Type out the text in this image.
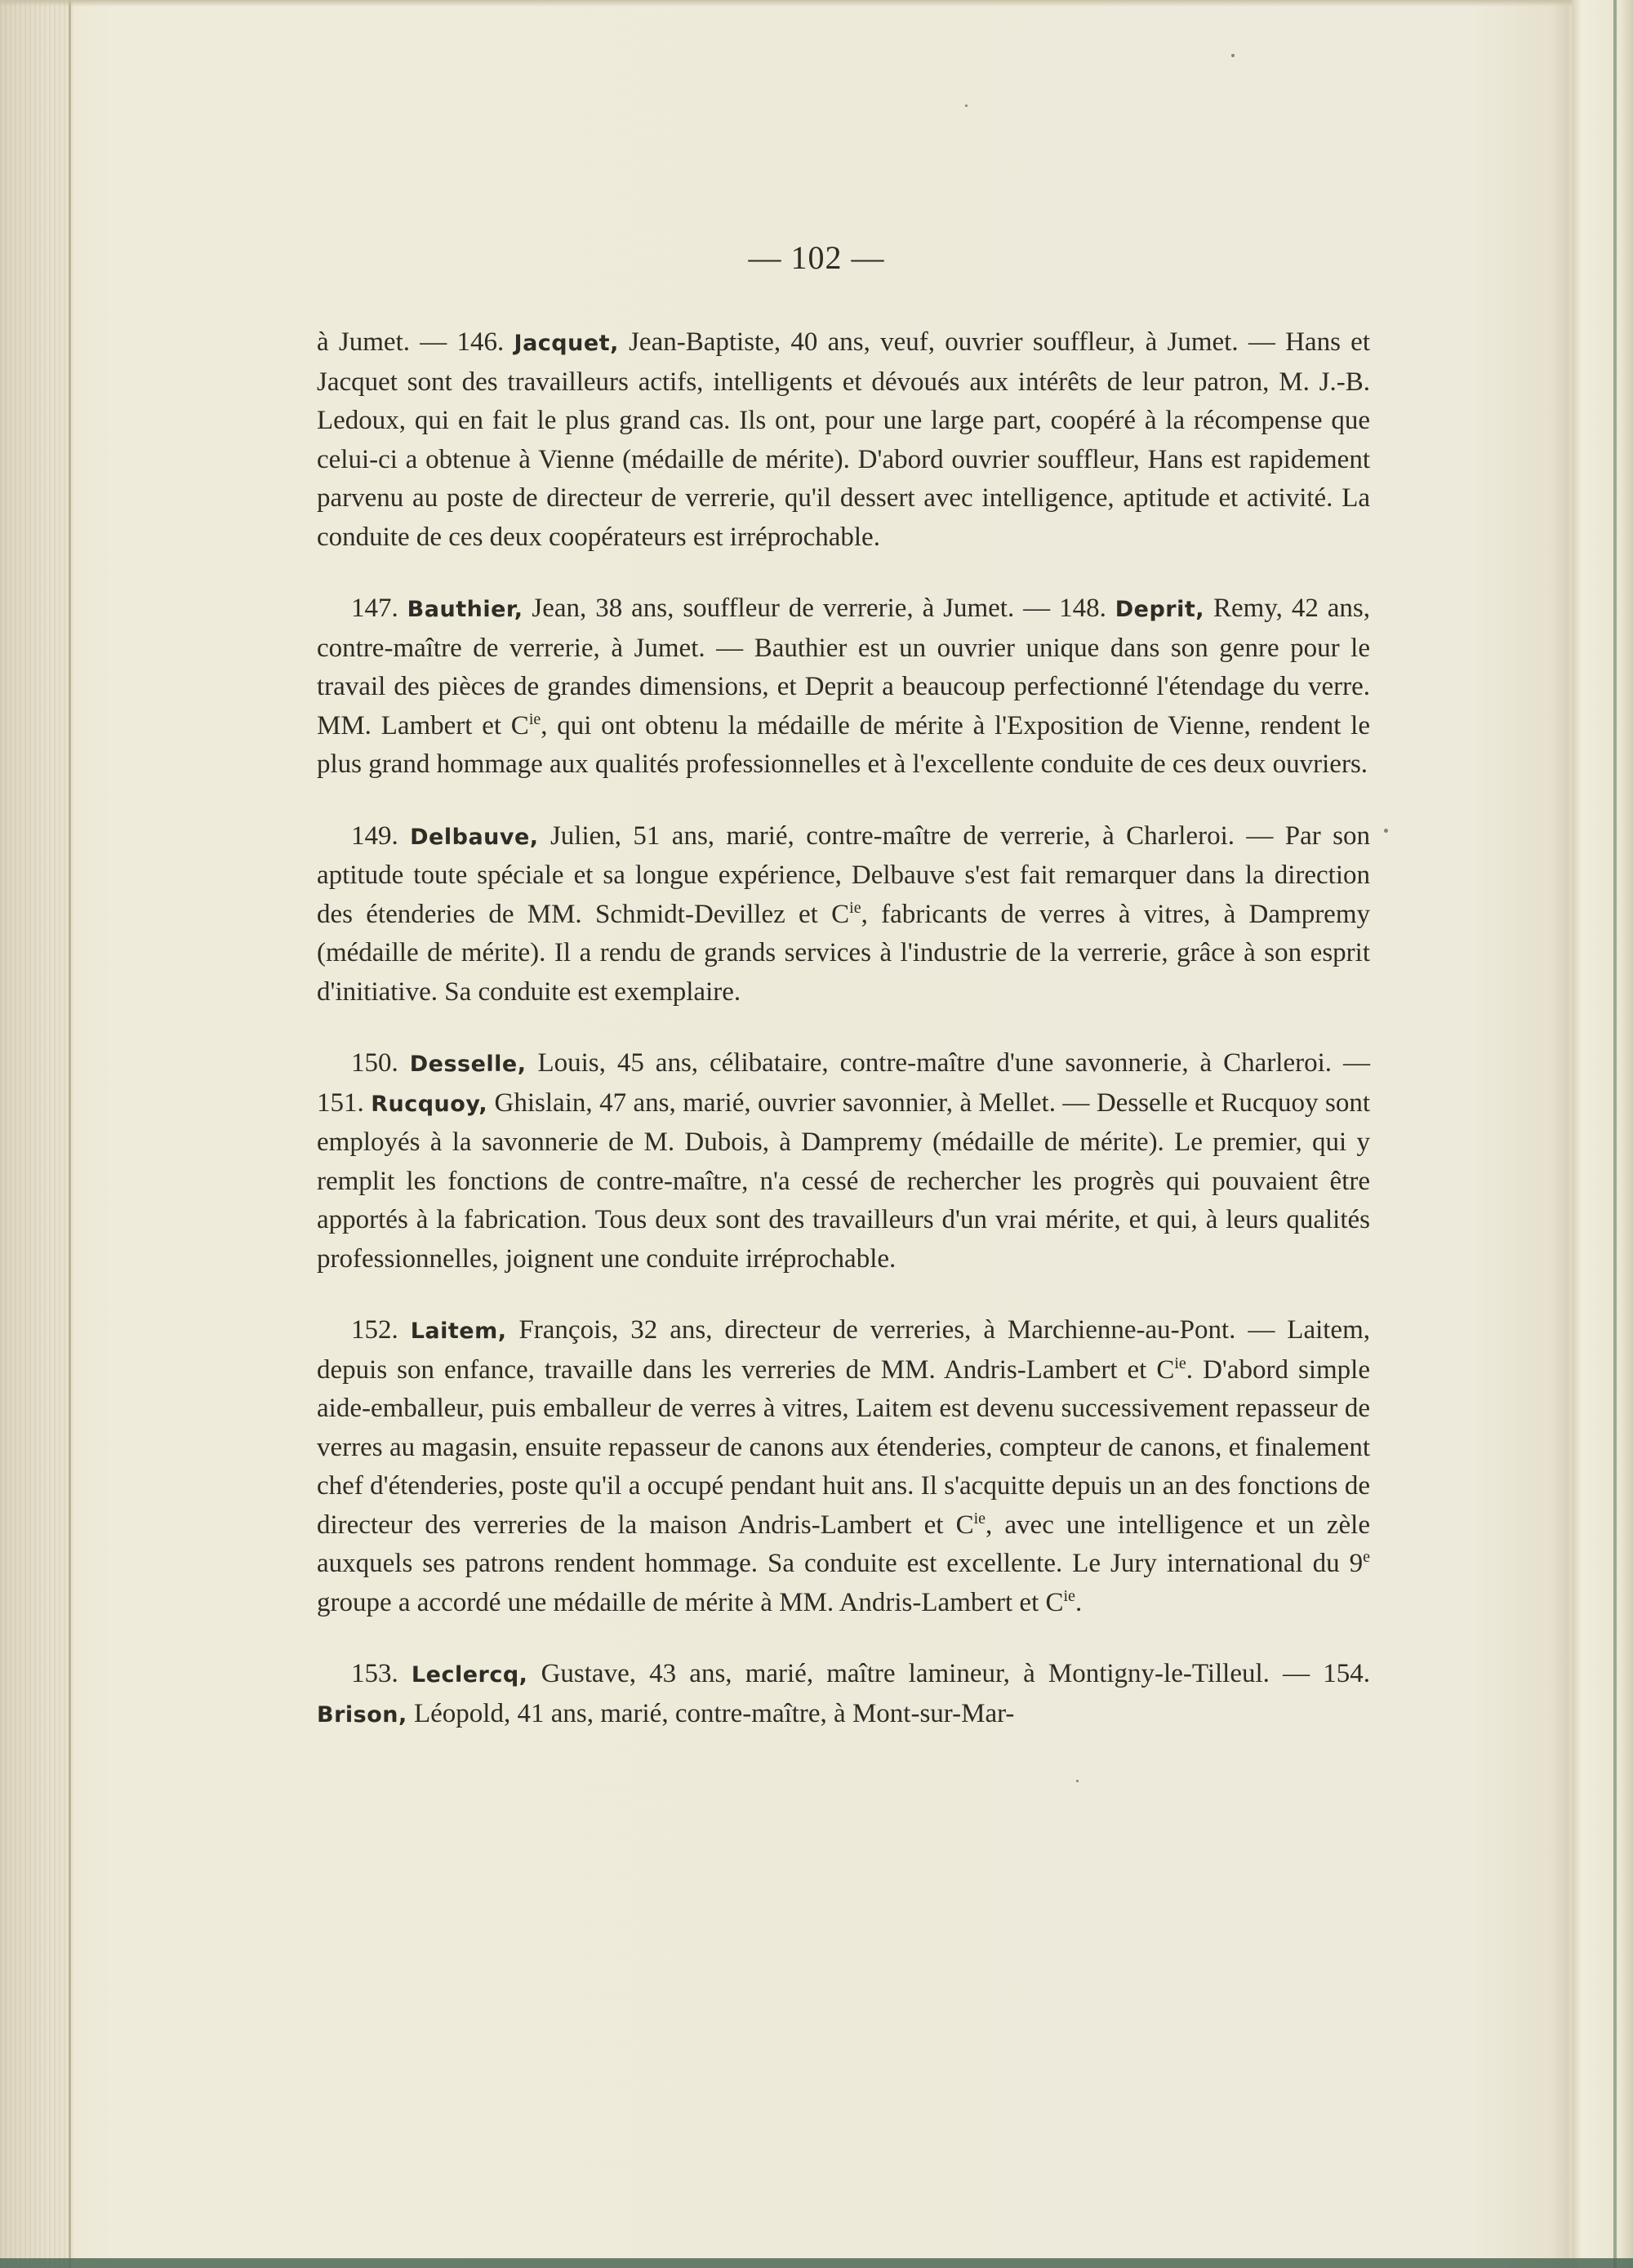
— 102 —

à Jumet. — 146. Jacquet, Jean-Baptiste, 40 ans, veuf, ouvrier souffleur, à Jumet. — Hans et Jacquet sont des travailleurs actifs, intelligents et dévoués aux intérêts de leur patron, M. J.-B. Ledoux, qui en fait le plus grand cas. Ils ont, pour une large part, coopéré à la récompense que celui-ci a obtenue à Vienne (médaille de mérite). D'abord ouvrier souffleur, Hans est rapidement parvenu au poste de directeur de verrerie, qu'il dessert avec intelligence, aptitude et activité. La conduite de ces deux coopérateurs est irréprochable.

147. Bauthier, Jean, 38 ans, souffleur de verrerie, à Jumet. — 148. Deprit, Remy, 42 ans, contre-maître de verrerie, à Jumet. — Bauthier est un ouvrier unique dans son genre pour le travail des pièces de grandes dimensions, et Deprit a beaucoup perfectionné l'étendage du verre. MM. Lambert et $C^{ie}$, qui ont obtenu la médaille de mérite à l'Exposition de Vienne, rendent le plus grand hommage aux qualités professionnelles et à l'excellente conduite de ces deux ouvriers.

149. Delbauve, Julien, 51 ans, marié, contre-maître de verrerie, à Charleroi. — Par son aptitude toute spéciale et sa longue expérience, Delbauve s'est fait remarquer dans la direction des étenderies de MM. Schmidt-Devillez et $C^{ie}$, fabricants de verres à vitres, à Dampremy (médaille de mérite). Il a rendu de grands services à l'industrie de la verrerie, grâce à son esprit d'initiative. Sa conduite est exemplaire.

150. Desselle, Louis, 45 ans, célibataire, contre-maître d'une savonnerie, à Charleroi. — 151. Rucquoy, Ghislain, 47 ans, marié, ouvrier savonnier, à Mellet. — Desselle et Rucquoy sont employés à la savonnerie de M. Dubois, à Dampremy (médaille de mérite). Le premier, qui y remplit les fonctions de contre-maître, n'a cessé de rechercher les progrès qui pouvaient être apportés à la fabrication. Tous deux sont des travailleurs d'un vrai mérite, et qui, à leurs qualités professionnelles, joignent une conduite irréprochable.

152. Laitem, François, 32 ans, directeur de verreries, à Marchienne-au-Pont. — Laitem, depuis son enfance, travaille dans les verreries de MM. Andris-Lambert et $C^{ie}$. D'abord simple aide-emballeur, puis emballeur de verres à vitres, Laitem est devenu successivement repasseur de verres au magasin, ensuite repasseur de canons aux étenderies, compteur de canons, et finalement chef d'étenderies, poste qu'il a occupé pendant huit ans. Il s'acquitte depuis un an des fonctions de directeur des verreries de la maison Andris-Lambert et $C^{ie}$, avec une intelligence et un zèle auxquels ses patrons rendent hommage. Sa conduite est excellente. Le Jury international du 9e groupe a accordé une médaille de mérite à MM. Andris-Lambert et $C^{ie}$.

153. Leclercq, Gustave, 43 ans, marié, maître lamineur, à Montigny-le-Tilleul. — 154. Brison, Léopold, 41 ans, marié, contre-maître, à Mont-sur-Mar-
